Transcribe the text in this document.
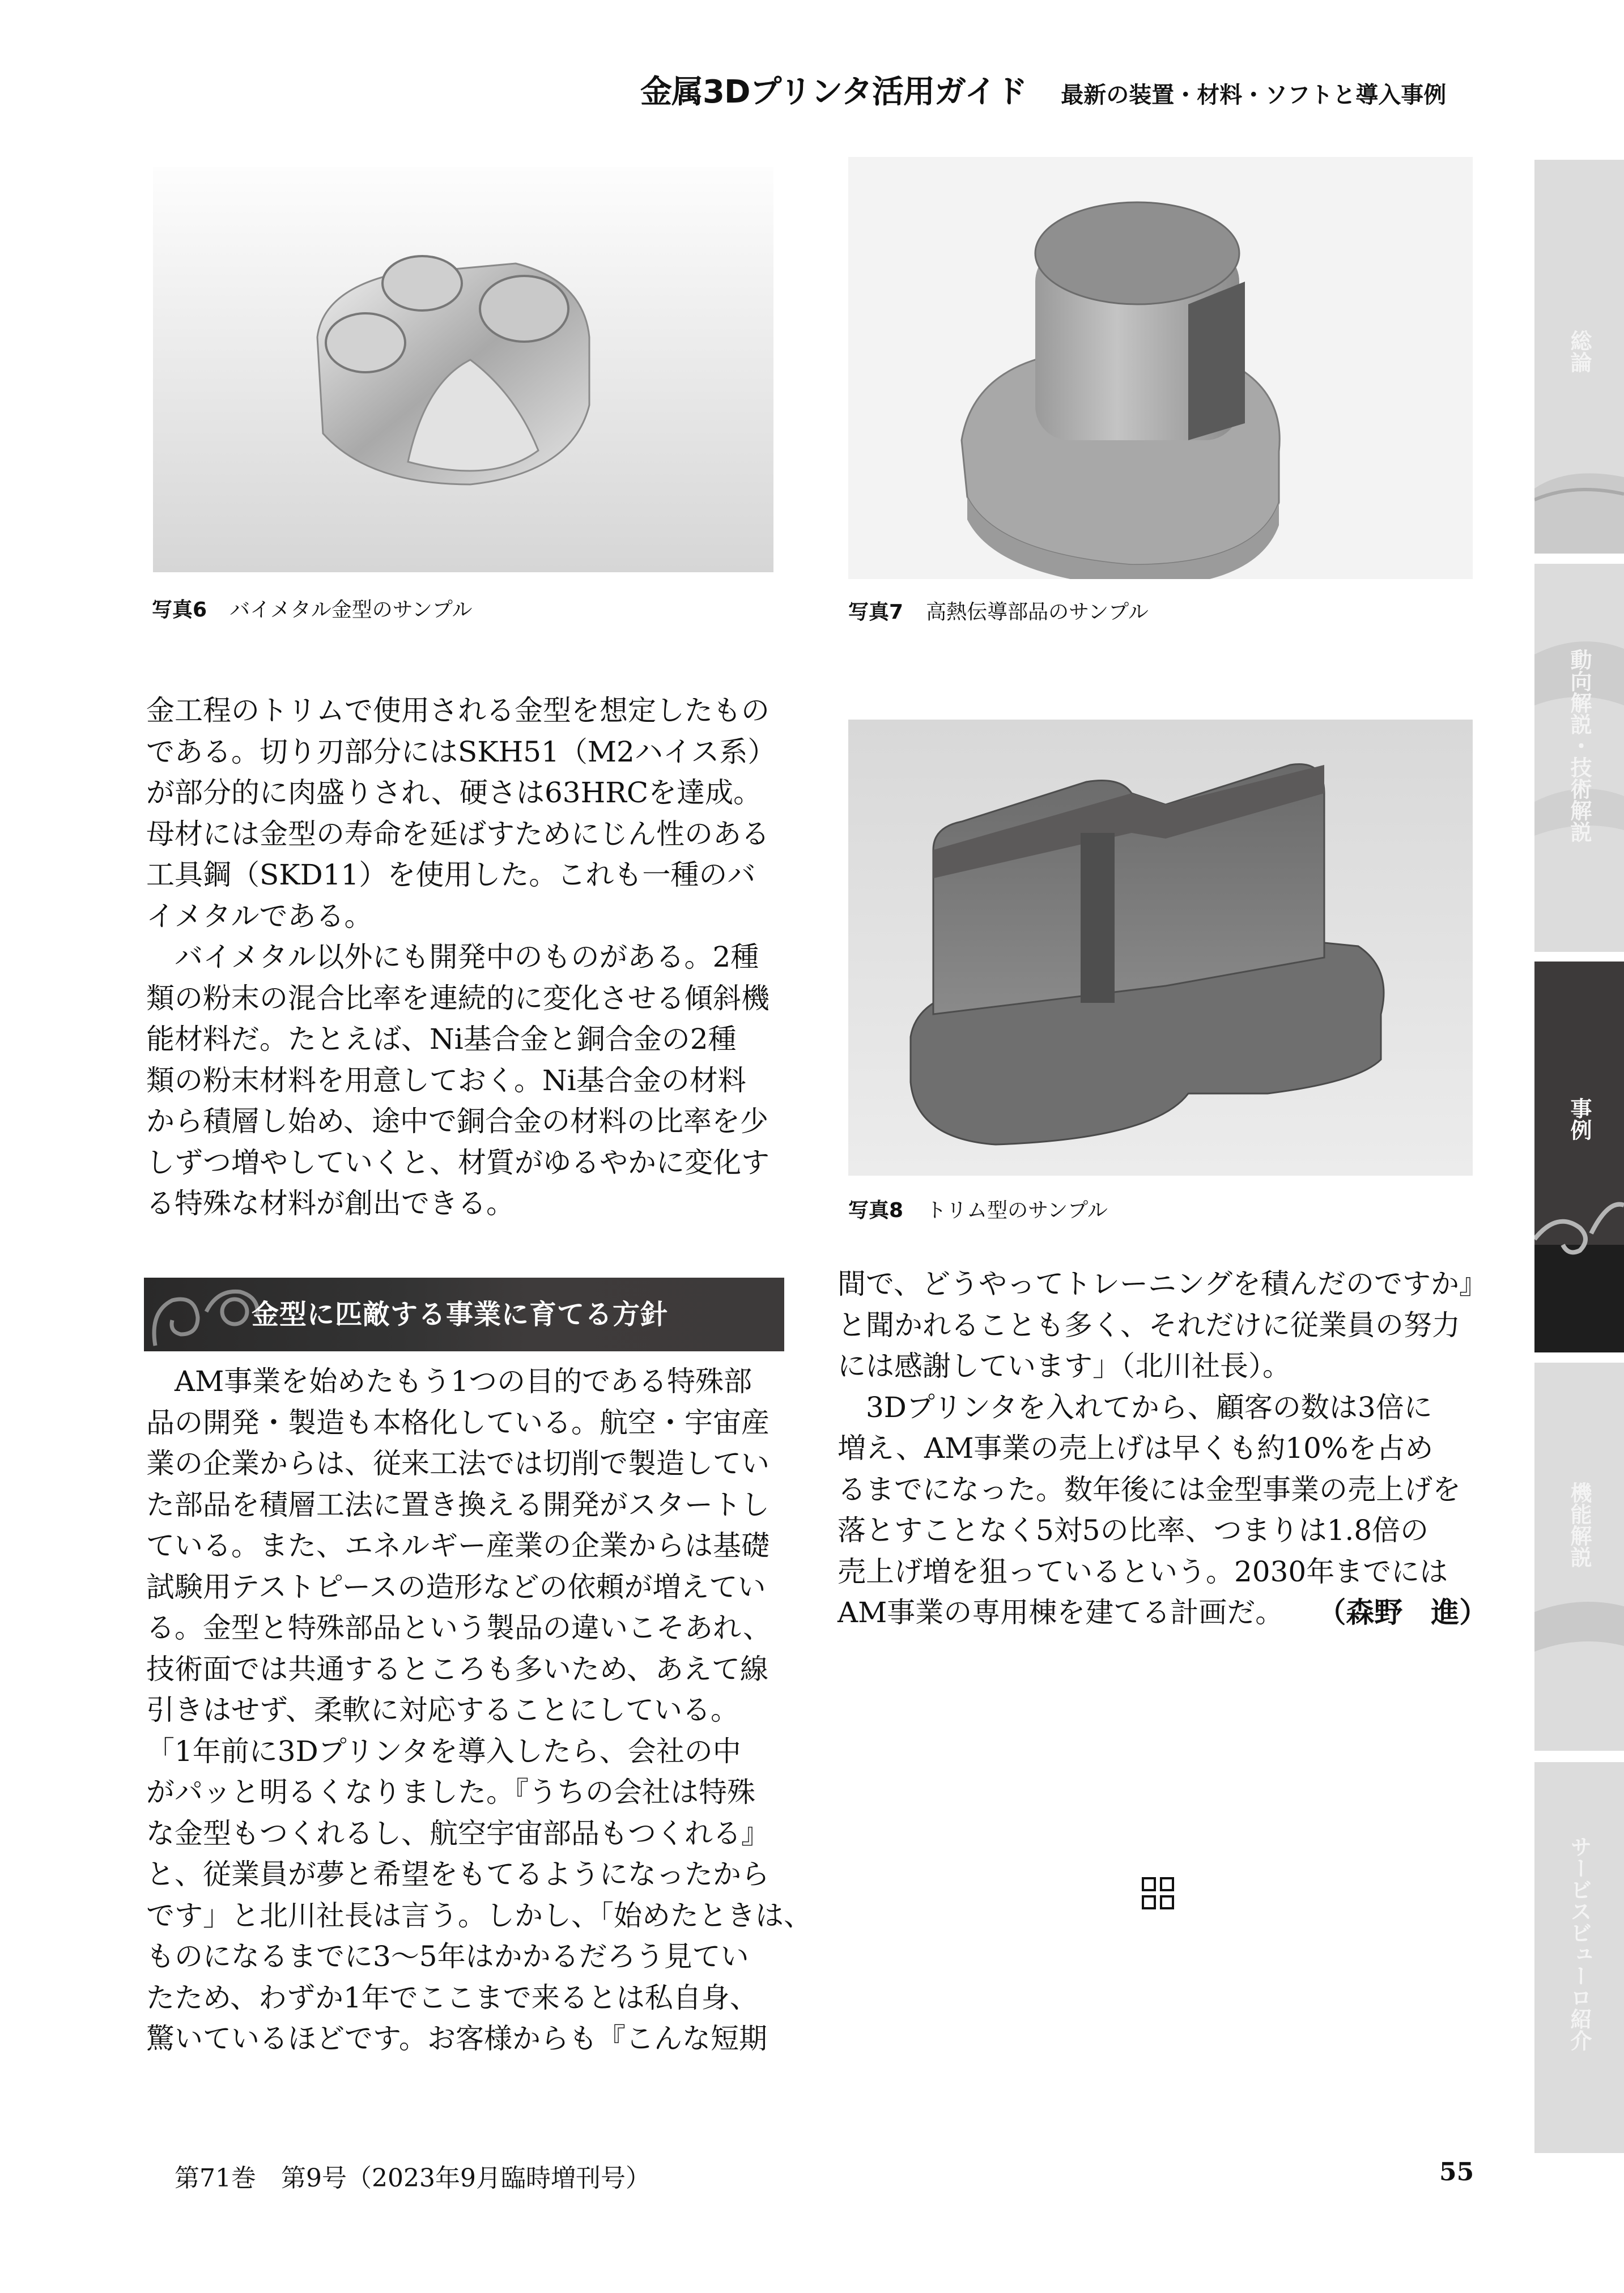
金属3Dプリンタ活用ガイド 最新の装置・材料・ソフトと導入事例
写真6 バイメタル金型のサンプル	写真7 高熱伝導部品のサンプル
写真8 トリム型のサンプル

金工程のトリムで使用される金型を想定したもの

である。切り刃部分にはSKH51（M2ハイス系）

が部分的に肉盛りされ、硬さは63HRCを達成。

母材には金型の寿命を延ばすためにじん性のある

工具鋼（SKD11）を使用した。これも一種のバ

イメタルである。

　バイメタル以外にも開発中のものがある。2種

類の粉末の混合比率を連続的に変化させる傾斜機

能材料だ。たとえば、Ni基合金と銅合金の2種

類の粉末材料を用意しておく。Ni基合金の材料

から積層し始め、途中で銅合金の材料の比率を少

しずつ増やしていくと、材質がゆるやかに変化す

る特殊な材料が創出できる。

金型に匹敵する事業に育てる方針

　AM事業を始めたもう1つの目的である特殊部

品の開発・製造も本格化している。航空・宇宙産

業の企業からは、従来工法では切削で製造してい

た部品を積層工法に置き換える開発がスタートし

ている。また、エネルギー産業の企業からは基礎

試験用テストピースの造形などの依頼が増えてい

る。金型と特殊部品という製品の違いこそあれ、

技術面では共通するところも多いため、あえて線

引きはせず、柔軟に対応することにしている。

「1年前に3Dプリンタを導入したら、会社の中

がパッと明るくなりました。『うちの会社は特殊

な金型もつくれるし、航空宇宙部品もつくれる』

と、従業員が夢と希望をもてるようになったから

です」と北川社長は言う。しかし、「始めたときは、

ものになるまでに3〜5年はかかるだろう見てい

たため、わずか1年でここまで来るとは私自身、

驚いているほどです。お客様からも『こんな短期

間で、どうやってトレーニングを積んだのですか』

と聞かれることも多く、それだけに従業員の努力

には感謝しています」（北川社長）。

　3Dプリンタを入れてから、顧客の数は3倍に

増え、AM事業の売上げは早くも約10%を占め

るまでになった。数年後には金型事業の売上げを

落とすことなく5対5の比率、つまりは1.8倍の

売上げ増を狙っているという。2030年までには

AM事業の専用棟を建てる計画だ。 （森野　進）

第71巻　第9号（2023年9月臨時増刊号）	55
総論
動向解説・技術解説
事例
機能解説
サービスビューロ紹介
